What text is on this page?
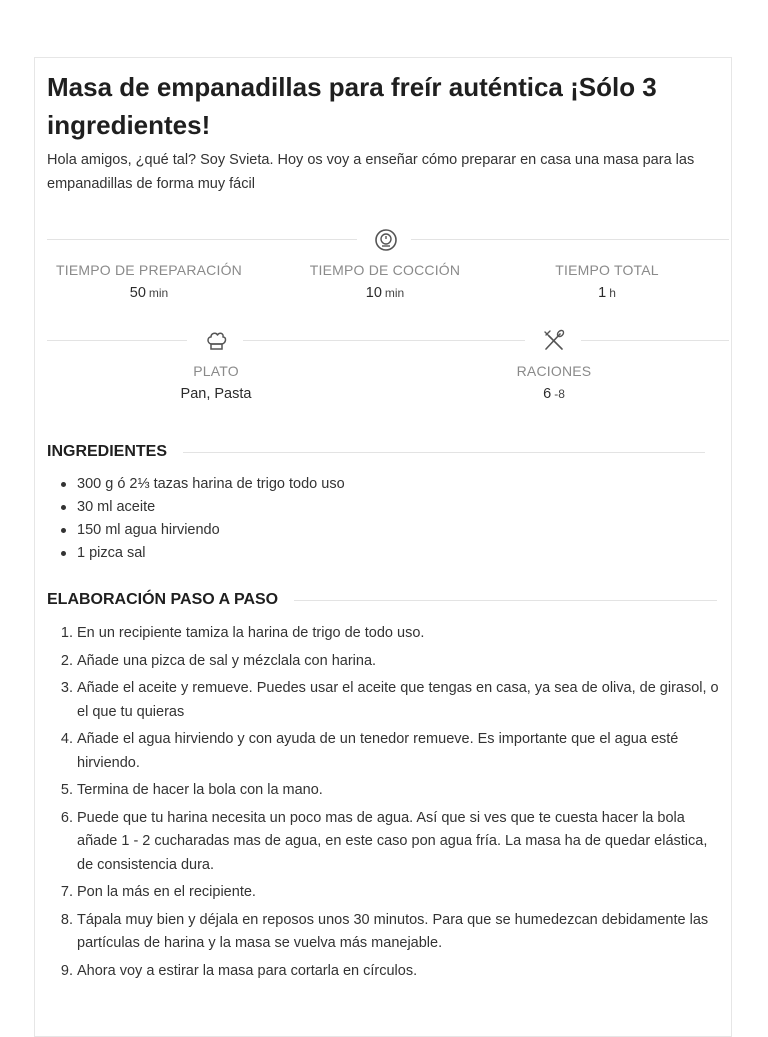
Masa de empanadillas para freír auténtica ¡Sólo 3 ingredientes!
Hola amigos, ¿qué tal? Soy Svieta. Hoy os voy a enseñar cómo preparar en casa una masa para las empanadillas de forma muy fácil
TIEMPO DE PREPARACIÓN
50 min
TIEMPO DE COCCIÓN
10 min
TIEMPO TOTAL
1 h
PLATO
Pan, Pasta
RACIONES
6 -8
INGREDIENTES
300 g ó 2⅓ tazas harina de trigo todo uso
30 ml aceite
150 ml agua hirviendo
1 pizca sal
ELABORACIÓN PASO A PASO
En un recipiente tamiza la harina de trigo de todo uso.
Añade una pizca de sal y mézclala con harina.
Añade el aceite y remueve. Puedes usar el aceite que tengas en casa, ya sea de oliva, de girasol, o el que tu quieras
Añade el agua hirviendo y con ayuda de un tenedor remueve. Es importante que el agua esté hirviendo.
Termina de hacer la bola con la mano.
Puede que tu harina necesita un poco mas de agua. Así que si ves que te cuesta hacer la bola añade 1 - 2 cucharadas mas de agua, en este caso pon agua fría. La masa ha de quedar elástica, de consistencia dura.
Pon la más en el recipiente.
Tápala muy bien y déjala en reposos unos 30 minutos. Para que se humedezcan debidamente las partículas de harina y la masa se vuelva más manejable.
Ahora voy a estirar la masa para cortarla en círculos.
